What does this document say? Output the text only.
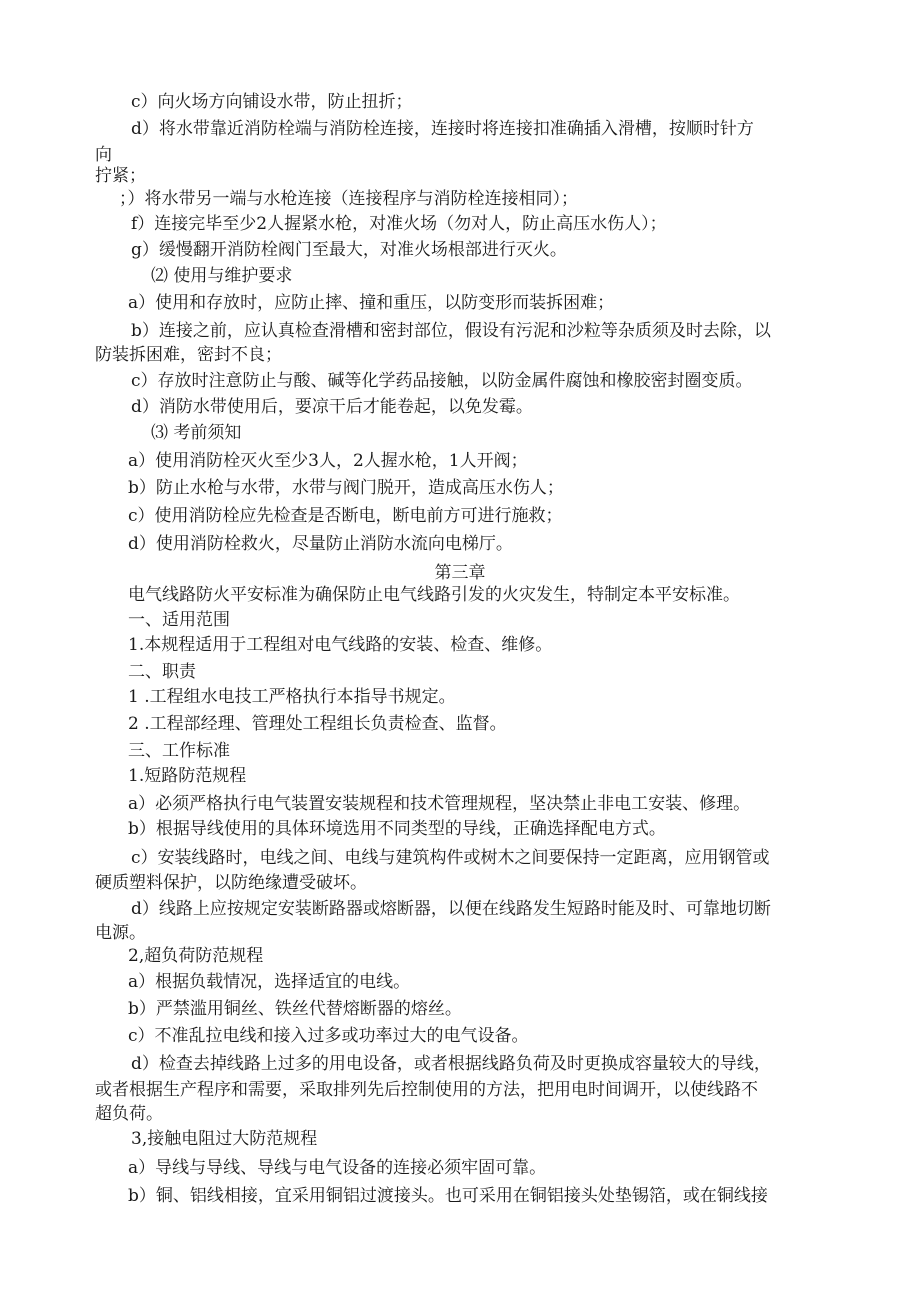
c）向火场方向铺设水带，防止扭折；
d）将水带靠近消防栓端与消防栓连接，连接时将连接扣准确插入滑槽，按顺时针方
向
拧紧；
；）将水带另一端与水枪连接（连接程序与消防栓连接相同）；
f）连接完毕至少2人握紧水枪，对准火场（勿对人，防止高压水伤人）；
g）缓慢翻开消防栓阀门至最大，对准火场根部进行灭火。
⑵ 使用与维护要求
a）使用和存放时，应防止摔、撞和重压，以防变形而装拆困难；
b）连接之前，应认真检查滑槽和密封部位，假设有污泥和沙粒等杂质须及时去除，以
防装拆困难，密封不良；
c）存放时注意防止与酸、碱等化学药品接触，以防金属件腐蚀和橡胶密封圈变质。
d）消防水带使用后，要凉干后才能卷起，以免发霉。
⑶ 考前须知
a）使用消防栓灭火至少3人，2人握水枪，1人开阀；
b）防止水枪与水带，水带与阀门脱开，造成高压水伤人；
c）使用消防栓应先检查是否断电，断电前方可进行施救；
d）使用消防栓救火，尽量防止消防水流向电梯厅。
第三章
电气线路防火平安标准为确保防止电气线路引发的火灾发生，特制定本平安标准。
一、适用范围
1.本规程适用于工程组对电气线路的安装、检查、维修。
二、职责
1 .工程组水电技工严格执行本指导书规定。
2 .工程部经理、管理处工程组长负责检查、监督。
三、工作标准
1.短路防范规程
a）必须严格执行电气装置安装规程和技术管理规程，坚决禁止非电工安装、修理。
b）根据导线使用的具体环境选用不同类型的导线，正确选择配电方式。
c）安装线路时，电线之间、电线与建筑构件或树木之间要保持一定距离，应用钢管或
硬质塑料保护，以防绝缘遭受破坏。
d）线路上应按规定安装断路器或熔断器，以便在线路发生短路时能及时、可靠地切断
电源。
2,超负荷防范规程
a）根据负载情况，选择适宜的电线。
b）严禁滥用铜丝、铁丝代替熔断器的熔丝。
c）不准乱拉电线和接入过多或功率过大的电气设备。
d）检查去掉线路上过多的用电设备，或者根据线路负荷及时更换成容量较大的导线，
或者根据生产程序和需要，采取排列先后控制使用的方法，把用电时间调开，以使线路不
超负荷。
3,接触电阻过大防范规程
a）导线与导线、导线与电气设备的连接必须牢固可靠。
b）铜、铝线相接，宜采用铜铝过渡接头。也可采用在铜铝接头处垫锡箔，或在铜线接
